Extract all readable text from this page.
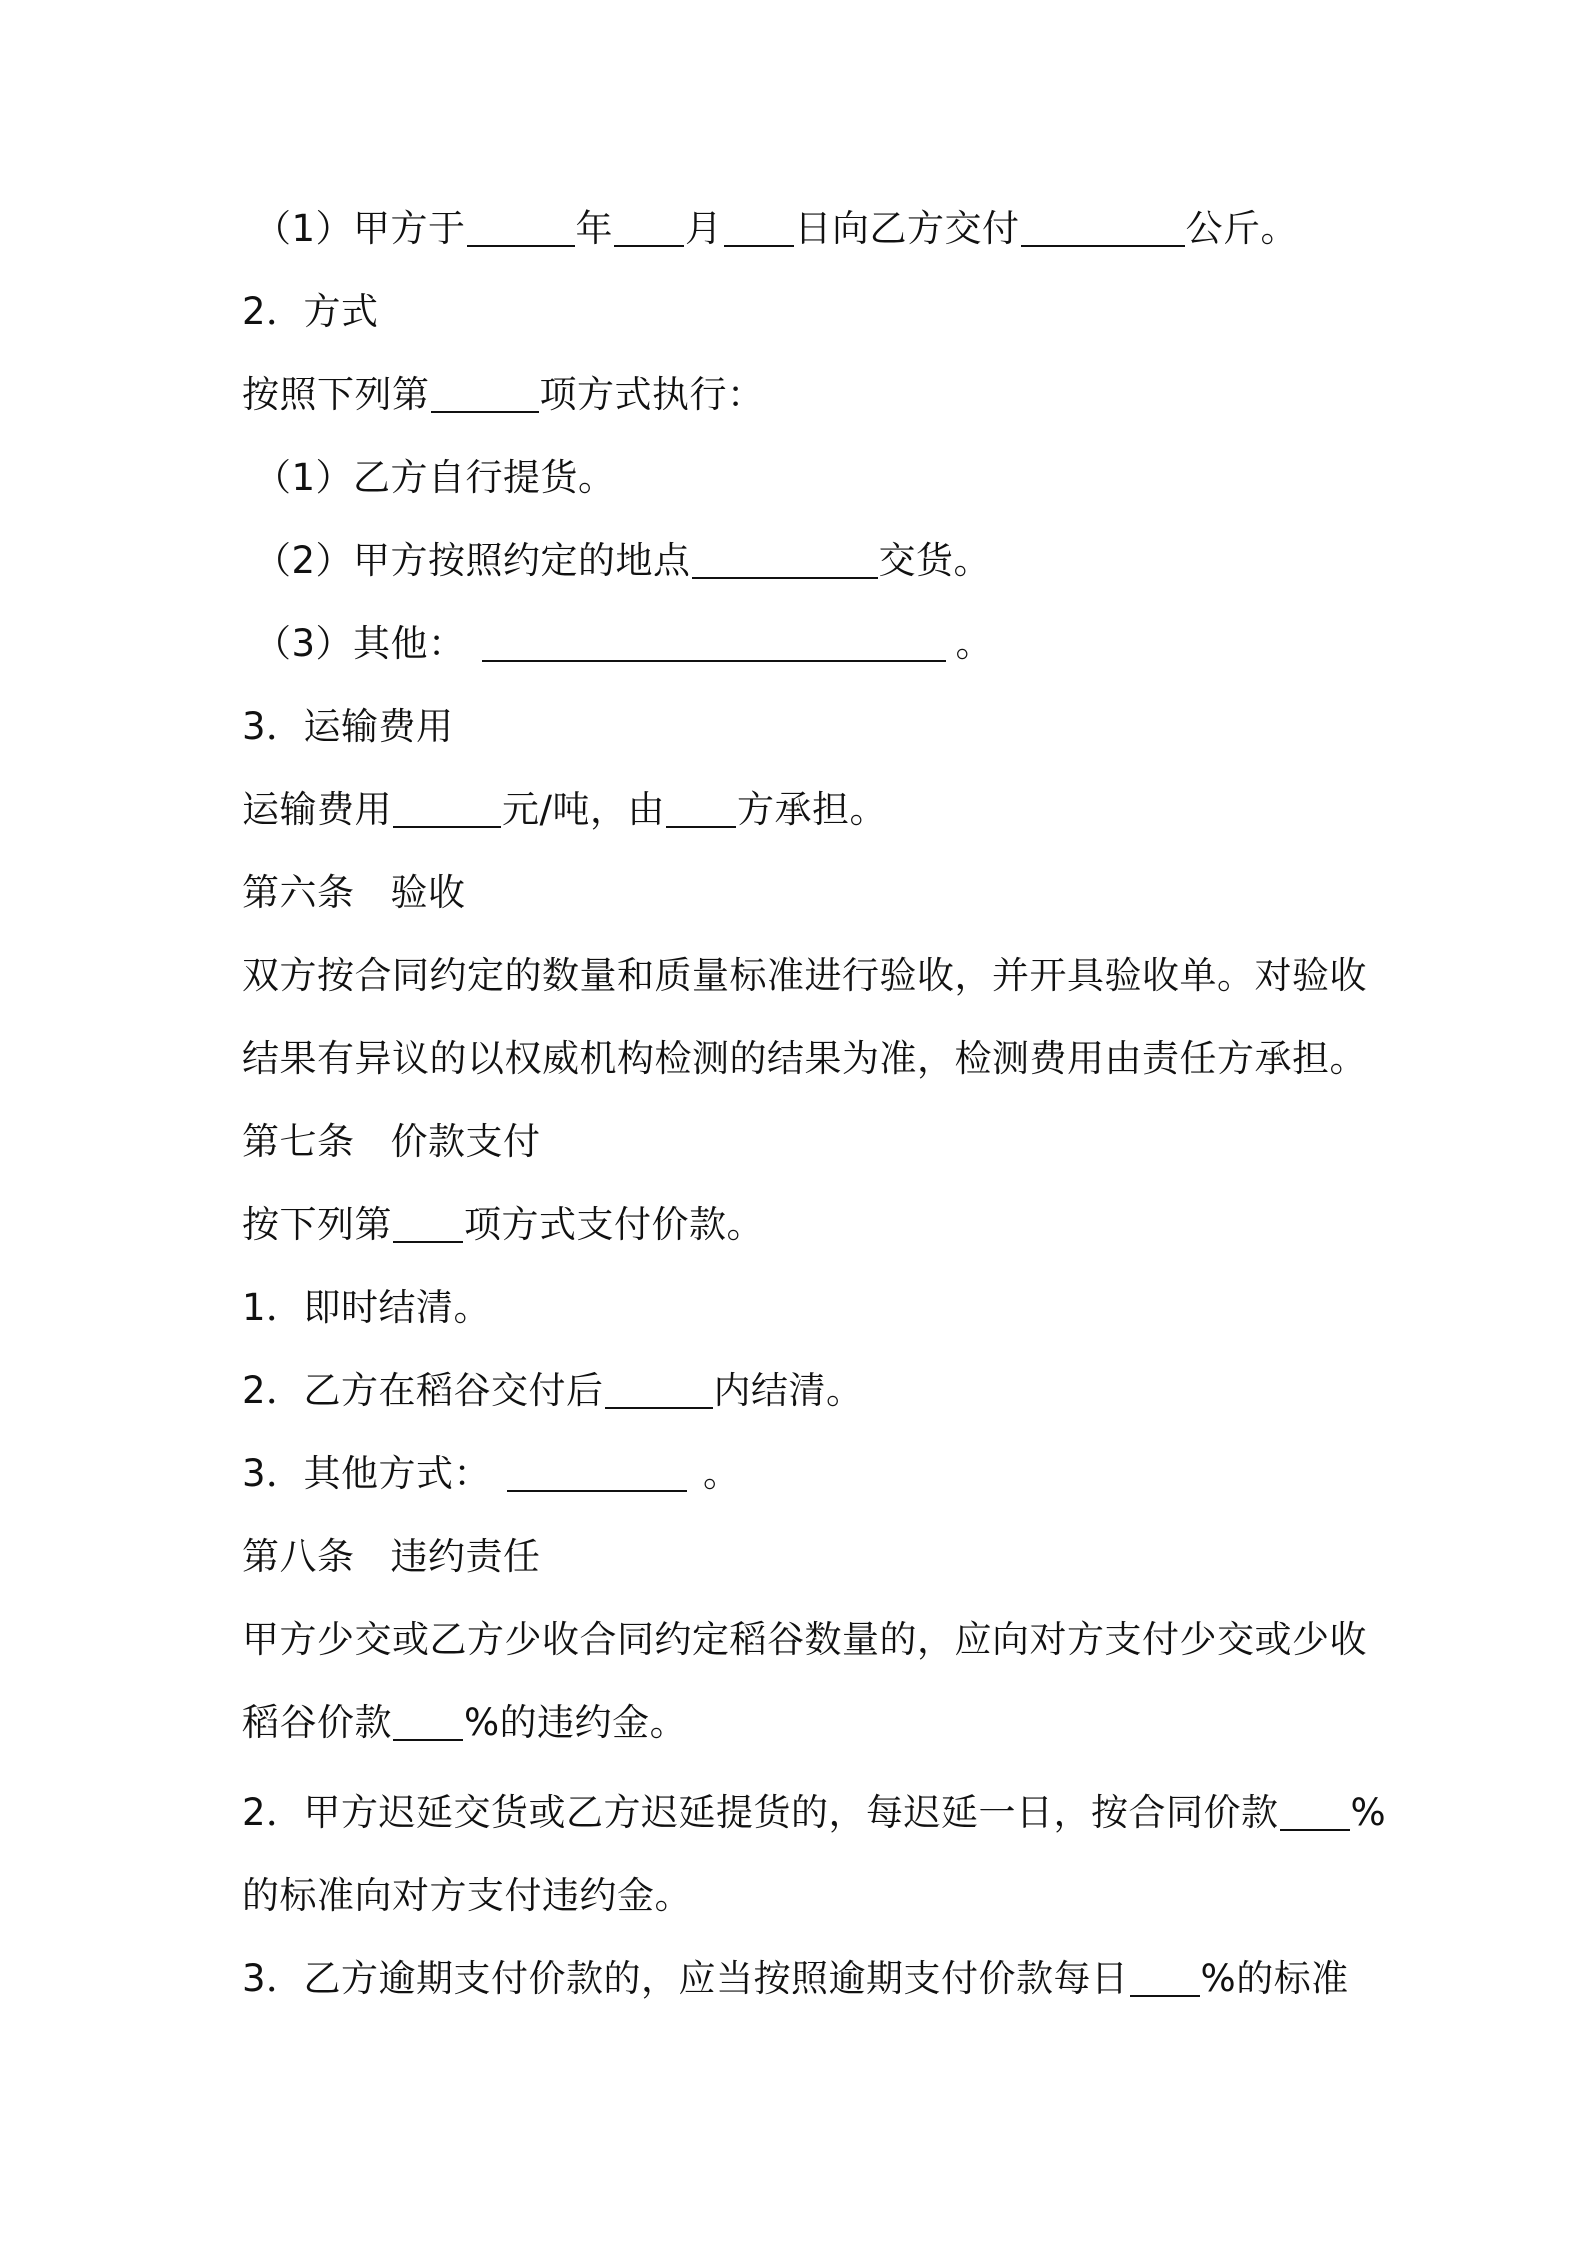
（1）甲方于	年 月 日向乙方交付	公斤。
2．方式
按照下列第	项方式执行：
（1）乙方自行提货。
（2）甲方按照约定的地点	交货。
（3）其他：	。
3．运输费用
运输费用	元/吨，由 方承担。
第六条 验收
双方按合同约定的数量和质量标准进行验收，并开具验收单。对验收
结果有异议的以权威机构检测的结果为准，检测费用由责任方承担。
第七条 价款支付
按下列第 项方式支付价款。
1．即时结清。
2．乙方在稻谷交付后	内结清。
3．其他方式：	。
第八条 违约责任
甲方少交或乙方少收合同约定稻谷数量的，应向对方支付少交或少收
稻谷价款 %的违约金。
2．甲方迟延交货或乙方迟延提货的，每迟延一日，按合同价款 %
的标准向对方支付违约金。
3．乙方逾期支付价款的，应当按照逾期支付价款每日 %的标准
